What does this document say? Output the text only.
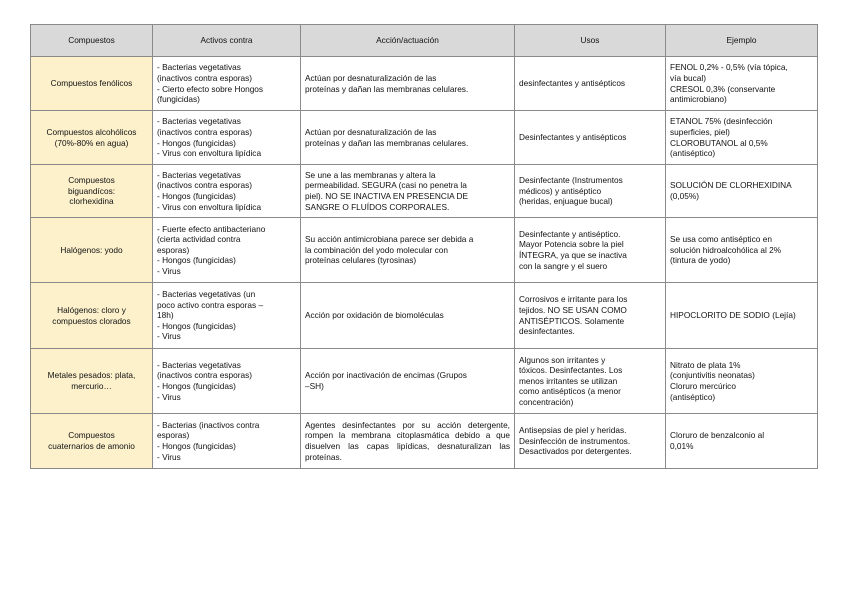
Compuestos	Activos contra	Acción/actuación	Usos	Ejemplo
Compuestos fenólicos	- Bacterias vegetativas
(inactivos contra esporas)
- Cierto efecto sobre Hongos
(fungicidas)	Actúan por desnaturalización de las
proteínas y dañan las membranas celulares.	desinfectantes y antisépticos	FENOL 0,2% - 0,5% (vía tópica,
vía bucal)
CRESOL 0,3% (conservante
antimicrobiano)
Compuestos alcohólicos
(70%-80% en agua)	- Bacterias vegetativas
(inactivos contra esporas)
- Hongos (fungicidas)
- Virus con envoltura lipídica	Actúan por desnaturalización de las
proteínas y dañan las membranas celulares.	Desinfectantes y antisépticos	ETANOL 75% (desinfección
superficies, piel)
CLOROBUTANOL al 0,5%
(antiséptico)
Compuestos
biguandícos:
clorhexidina	- Bacterias vegetativas
(inactivos contra esporas)
- Hongos (fungicidas)
- Virus con envoltura lipídica	Se une a las membranas y altera la
permeabilidad. SEGURA (casi no penetra la
piel). NO SE INACTIVA EN PRESENCIA DE
SANGRE O FLUÍDOS CORPORALES.	Desinfectante (Instrumentos
médicos) y antiséptico
(heridas, enjuague bucal)	SOLUCIÓN DE CLORHEXIDINA
(0,05%)
Halógenos: yodo	- Fuerte efecto antibacteriano
(cierta actividad contra
esporas)
- Hongos (fungicidas)
- Virus	Su acción antimicrobiana parece ser debida a
la combinación del yodo molecular con
proteínas celulares (tyrosinas)	Desinfectante y antiséptico.
Mayor Potencia sobre la piel
ÍNTEGRA, ya que se inactiva
con la sangre y el suero	Se usa como antiséptico en
solución hidroalcohólica al 2%
(tintura de yodo)
Halógenos: cloro y
compuestos clorados	- Bacterias vegetativas (un
poco activo contra esporas –
18h)
- Hongos (fungicidas)
- Virus	Acción por oxidación de biomoléculas	Corrosivos e irritante para los
tejidos. NO SE USAN COMO
ANTISÉPTICOS. Solamente
desinfectantes.	HIPOCLORITO DE SODIO (Lejía)
Metales pesados: plata,
mercurio…	- Bacterias vegetativas
(inactivos contra esporas)
- Hongos (fungicidas)
- Virus	Acción por inactivación de encimas (Grupos
–SH)	Algunos son irritantes y
tóxicos. Desinfectantes. Los
menos irritantes se utilizan
como antisépticos (a menor
concentración)	Nitrato de plata 1%
(conjuntivitis neonatas)
Cloruro mercúrico
(antiséptico)
Compuestos
cuaternarios de amonio	- Bacterias (inactivos contra
esporas)
- Hongos (fungicidas)
- Virus	Agentes desinfectantes por su acción detergente, rompen la membrana citoplasmática debido a que disuelven las capas lipídicas, desnaturalizan las proteínas.	Antisepsias de piel y heridas.
Desinfección de instrumentos.
Desactivados por detergentes.	Cloruro de benzalconio al
0,01%
